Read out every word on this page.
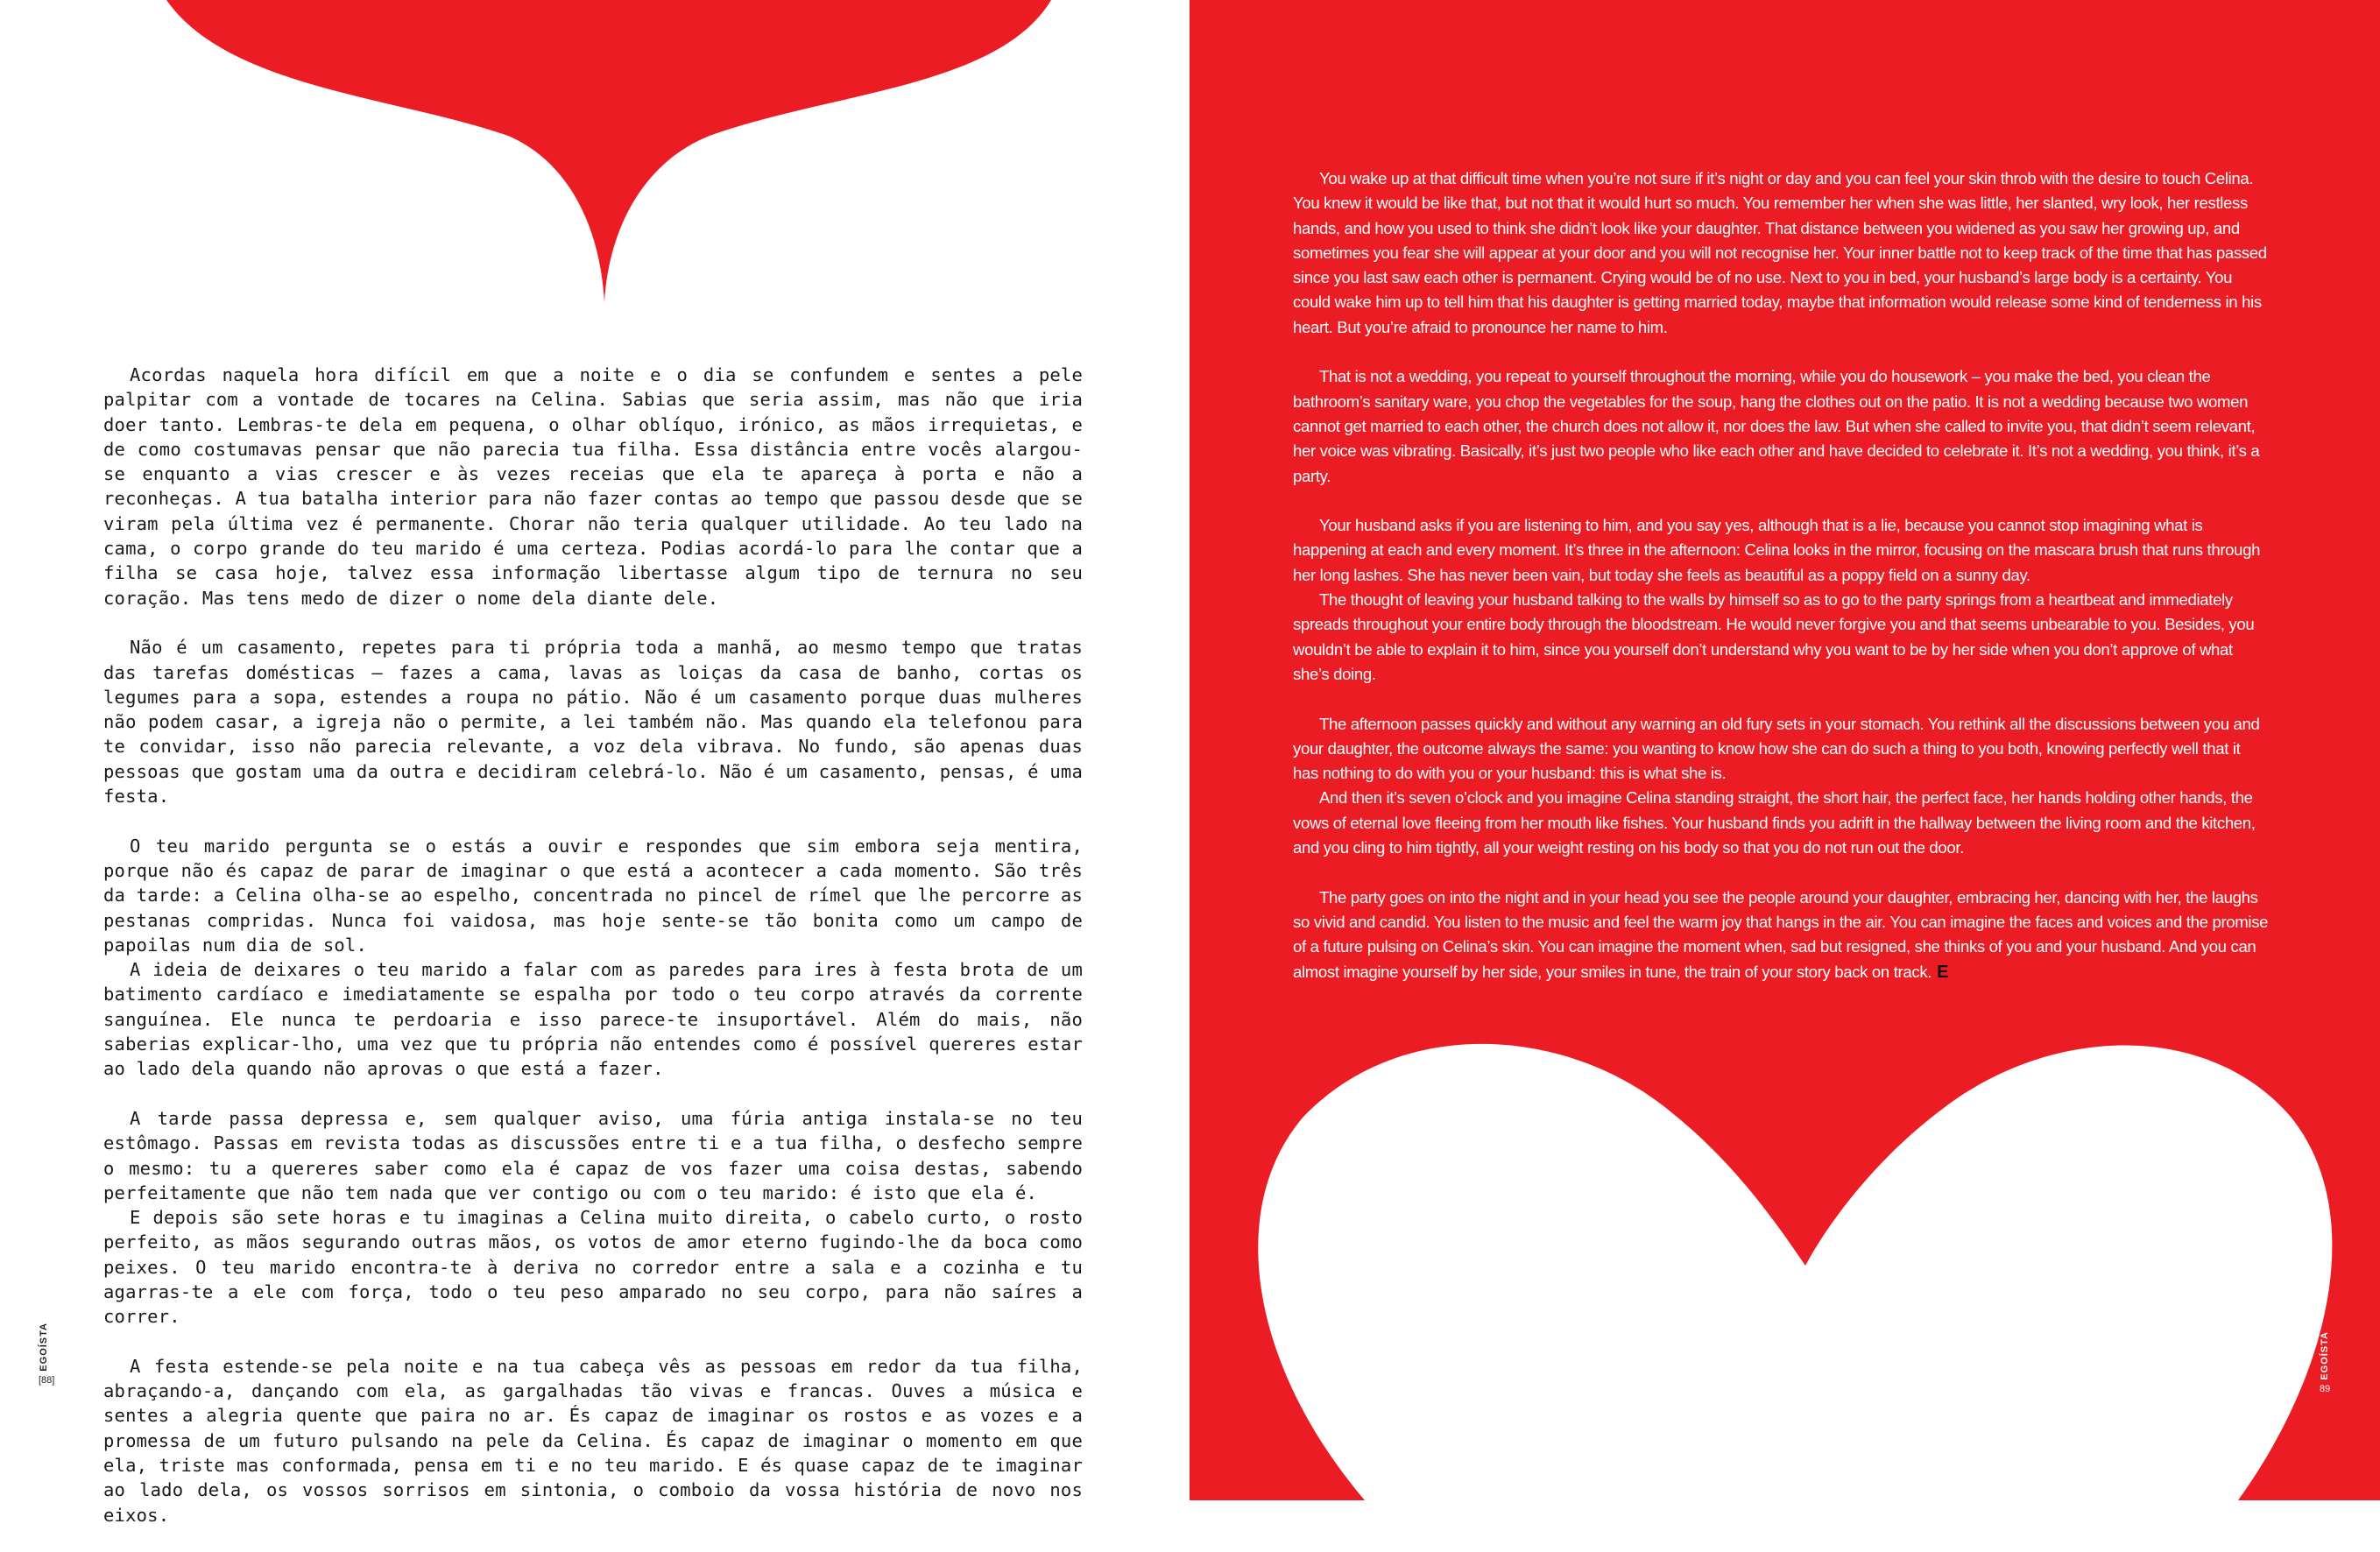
Acordas naquela hora difícil em que a noite e o dia se confundem e sentes a pele palpitar com a vontade de tocares na Celina. Sabias que seria assim, mas não que iria doer tanto. Lembras-te dela em pequena, o olhar oblíquo, irónico, as mãos irrequietas, e de como costumavas pensar que não parecia tua filha. Essa distância entre vocês alargou-se enquanto a vias crescer e às vezes receias que ela te apareça à porta e não a reconheças. A tua batalha interior para não fazer contas ao tempo que passou desde que se viram pela última vez é permanente. Chorar não teria qualquer utilidade. Ao teu lado na cama, o corpo grande do teu marido é uma certeza. Podias acordá-lo para lhe contar que a filha se casa hoje, talvez essa informação libertasse algum tipo de ternura no seu coração. Mas tens medo de dizer o nome dela diante dele.

Não é um casamento, repetes para ti própria toda a manhã, ao mesmo tempo que tratas das tarefas domésticas – fazes a cama, lavas as loiças da casa de banho, cortas os legumes para a sopa, estendes a roupa no pátio. Não é um casamento porque duas mulheres não podem casar, a igreja não o permite, a lei também não. Mas quando ela telefonou para te convidar, isso não parecia relevante, a voz dela vibrava. No fundo, são apenas duas pessoas que gostam uma da outra e decidiram celebrá-lo. Não é um casamento, pensas, é uma festa.

O teu marido pergunta se o estás a ouvir e respondes que sim embora seja mentira, porque não és capaz de parar de imaginar o que está a acontecer a cada momento. São três da tarde: a Celina olha-se ao espelho, concentrada no pincel de rímel que lhe percorre as pestanas compridas. Nunca foi vaidosa, mas hoje sente-se tão bonita como um campo de papoilas num dia de sol.

A ideia de deixares o teu marido a falar com as paredes para ires à festa brota de um batimento cardíaco e imediatamente se espalha por todo o teu corpo através da corrente sanguínea. Ele nunca te perdoaria e isso parece-te insuportável. Além do mais, não saberias explicar-lho, uma vez que tu própria não entendes como é possível quereres estar ao lado dela quando não aprovas o que está a fazer.

A tarde passa depressa e, sem qualquer aviso, uma fúria antiga instala-se no teu estômago. Passas em revista todas as discussões entre ti e a tua filha, o desfecho sempre o mesmo: tu a quereres saber como ela é capaz de vos fazer uma coisa destas, sabendo perfeitamente que não tem nada que ver contigo ou com o teu marido: é isto que ela é.

E depois são sete horas e tu imaginas a Celina muito direita, o cabelo curto, o rosto perfeito, as mãos segurando outras mãos, os votos de amor eterno fugindo-lhe da boca como peixes. O teu marido encontra-te à deriva no corredor entre a sala e a cozinha e tu agarras-te a ele com força, todo o teu peso amparado no seu corpo, para não saíres a correr.

A festa estende-se pela noite e na tua cabeça vês as pessoas em redor da tua filha, abraçando-a, dançando com ela, as gargalhadas tão vivas e francas. Ouves a música e sentes a alegria quente que paira no ar. És capaz de imaginar os rostos e as vozes e a promessa de um futuro pulsando na pele da Celina. És capaz de imaginar o momento em que ela, triste mas conformada, pensa em ti e no teu marido. E és quase capaz de te imaginar ao lado dela, os vossos sorrisos em sintonia, o comboio da vossa história de novo nos eixos.

You wake up at that difficult time when you’re not sure if it’s night or day and you can feel your skin throb with the desire to touch Celina. You knew it would be like that, but not that it would hurt so much. You remember her when she was little, her slanted, wry look, her restless hands, and how you used to think she didn’t look like your daughter. That distance between you widened as you saw her growing up, and sometimes you fear she will appear at your door and you will not recognise her. Your inner battle not to keep track of the time that has passed since you last saw each other is permanent. Crying would be of no use. Next to you in bed, your husband’s large body is a certainty. You could wake him up to tell him that his daughter is getting married today, maybe that information would release some kind of tenderness in his heart. But you’re afraid to pronounce her name to him.

That is not a wedding, you repeat to yourself throughout the morning, while you do housework – you make the bed, you clean the bathroom’s sanitary ware, you chop the vegetables for the soup, hang the clothes out on the patio. It is not a wedding because two women cannot get married to each other, the church does not allow it, nor does the law. But when she called to invite you, that didn’t seem relevant, her voice was vibrating. Basically, it’s just two people who like each other and have decided to celebrate it. It’s not a wedding, you think, it’s a party.

Your husband asks if you are listening to him, and you say yes, although that is a lie, because you cannot stop imagining what is happening at each and every moment. It’s three in the afternoon: Celina looks in the mirror, focusing on the mascara brush that runs through her long lashes. She has never been vain, but today she feels as beautiful as a poppy field on a sunny day.

The thought of leaving your husband talking to the walls by himself so as to go to the party springs from a heartbeat and immediately spreads throughout your entire body through the bloodstream. He would never forgive you and that seems unbearable to you. Besides, you wouldn’t be able to explain it to him, since you yourself don’t understand why you want to be by her side when you don’t approve of what she’s doing.

The afternoon passes quickly and without any warning an old fury sets in your stomach. You rethink all the discussions between you and your daughter, the outcome always the same: you wanting to know how she can do such a thing to you both, knowing perfectly well that it has nothing to do with you or your husband: this is what she is.

And then it’s seven o’clock and you imagine Celina standing straight, the short hair, the perfect face, her hands holding other hands, the vows of eternal love fleeing from her mouth like fishes. Your husband finds you adrift in the hallway between the living room and the kitchen, and you cling to him tightly, all your weight resting on his body so that you do not run out the door.

The party goes on into the night and in your head you see the people around your daughter, embracing her, dancing with her, the laughs so vivid and candid. You listen to the music and feel the warm joy that hangs in the air. You can imagine the faces and voices and the promise of a future pulsing on Celina’s skin. You can imagine the moment when, sad but resigned, she thinks of you and your husband. And you can almost imagine yourself by her side, your smiles in tune, the train of your story back on track. E

EGOÍSTA
[88]	EGOÍSTA
89
